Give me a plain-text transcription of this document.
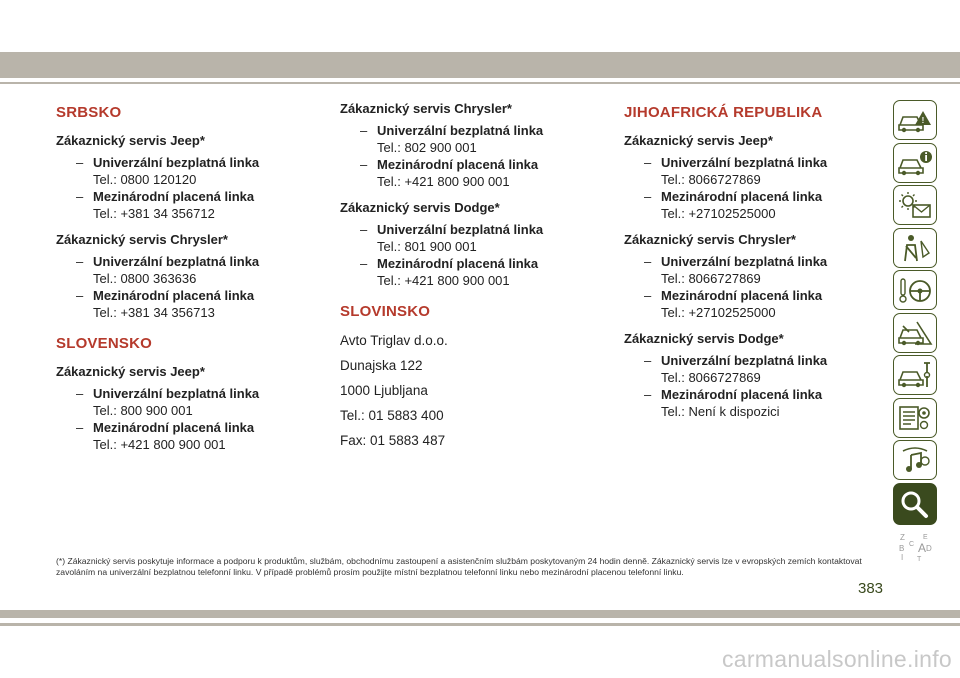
SRBSKO
Zákaznický servis Jeep*
– Univerzální bezplatná linka
Tel.: 0800 120120
– Mezinárodní placená linka
Tel.: +381 34 356712
Zákaznický servis Chrysler*
– Univerzální bezplatná linka
Tel.: 0800 363636
– Mezinárodní placená linka
Tel.: +381 34 356713
SLOVENSKO
Zákaznický servis Jeep*
– Univerzální bezplatná linka
Tel.: 800 900 001
– Mezinárodní placená linka
Tel.: +421 800 900 001
Zákaznický servis Chrysler*
– Univerzální bezplatná linka
Tel.: 802 900 001
– Mezinárodní placená linka
Tel.: +421 800 900 001
Zákaznický servis Dodge*
– Univerzální bezplatná linka
Tel.: 801 900 001
– Mezinárodní placená linka
Tel.: +421 800 900 001
SLOVINSKO
Avto Triglav d.o.o.
Dunajska 122
1000 Ljubljana
Tel.: 01 5883 400
Fax: 01 5883 487
JIHOAFRICKÁ REPUBLIKA
Zákaznický servis Jeep*
– Univerzální bezplatná linka
Tel.: 8066727869
– Mezinárodní placená linka
Tel.: +27102525000
Zákaznický servis Chrysler*
– Univerzální bezplatná linka
Tel.: 8066727869
– Mezinárodní placená linka
Tel.: +27102525000
Zákaznický servis Dodge*
– Univerzální bezplatná linka
Tel.: 8066727869
– Mezinárodní placená linka
Tel.: Není k dispozici
!
Z	E
B C A D
I T
(*) Zákaznický servis poskytuje informace a podporu k produktům, službám, obchodnímu zastoupení a asistenčním službám poskytovaným 24 hodin denně. Zákaznický servis lze v evropských zemích kontaktovat zavoláním na univerzální bezplatnou telefonní linku. V případě problémů prosím použijte místní bezplatnou telefonní linku nebo mezinárodní placenou telefonní linku.
383
carmanualsonline.info
